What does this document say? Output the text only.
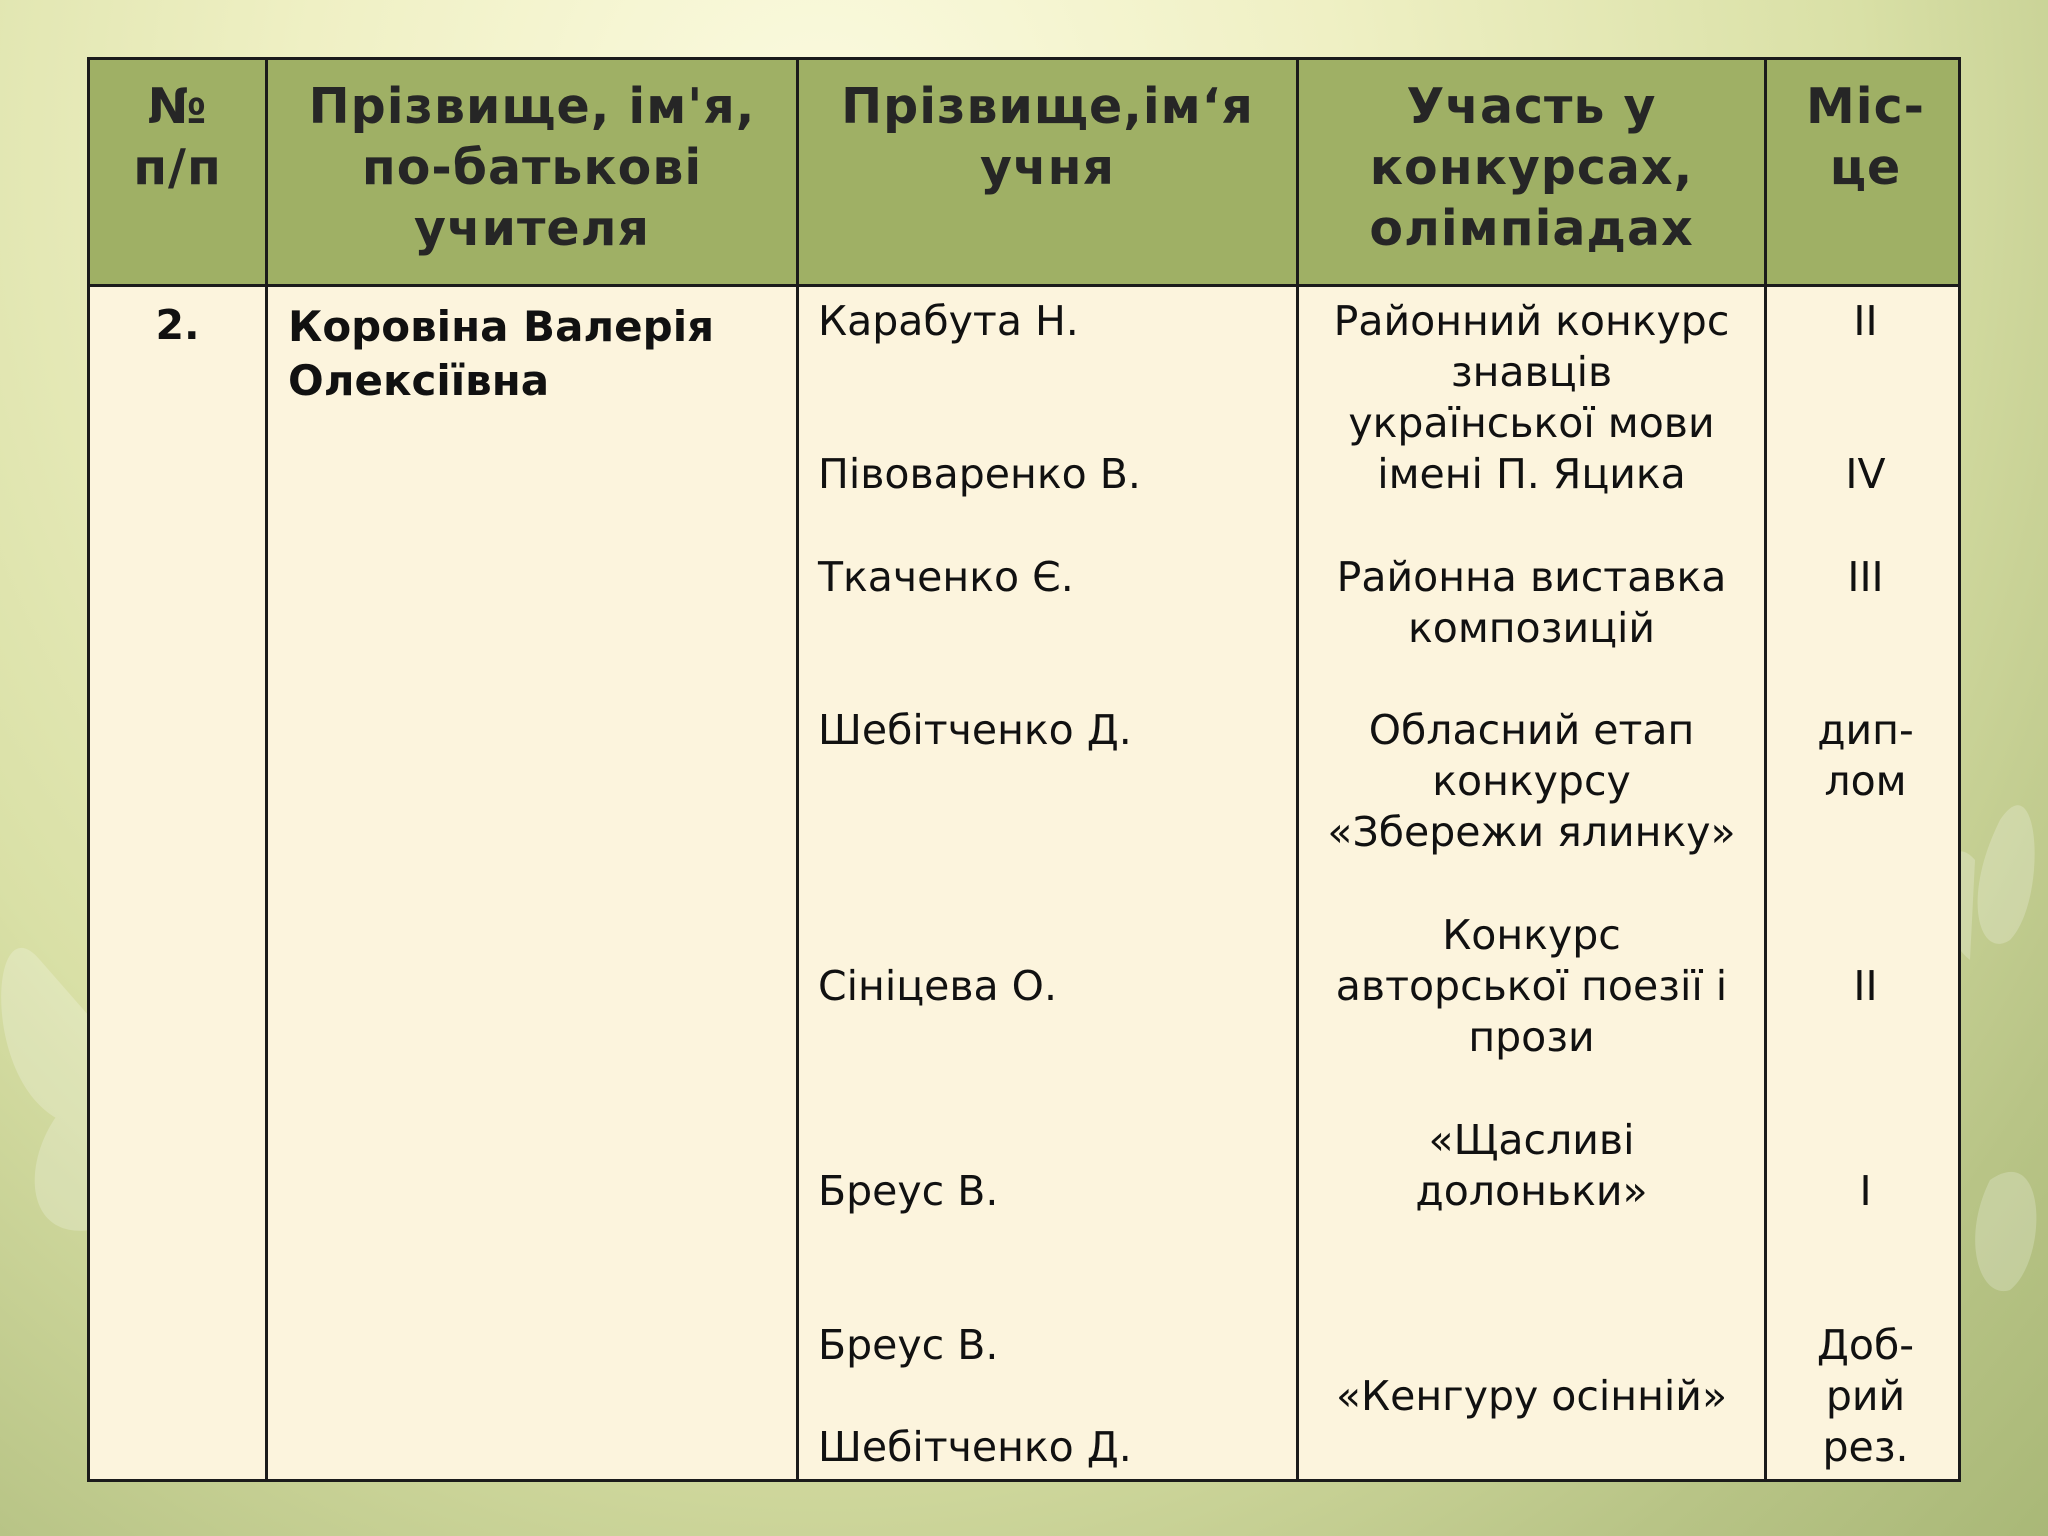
№
п/п
Прізвище, ім'я,
по-батькові
учителя
Прізвище,ім‘я
учня
Участь у
конкурсах,
олімпіадах
Міс-
це
2.	Коровіна Валерія
Олексіївна
Карабута Н.
Півоваренко В.
Ткаченко Є.
Шебітченко Д.
Сініцева О.
Бреус В.
Бреус В.
Шебітченко Д.
Районний конкурс
знавців
української мови
імені П. Яцика
Районна виставка
композицій
Обласний етап
конкурсу
«Збережи ялинку»
Конкурс
авторської поезії і
прози
«Щасливі
долоньки»
«Кенгуру осінній»
II
IV
III
дип-
лом
II
I
Доб-
рий
рез.
